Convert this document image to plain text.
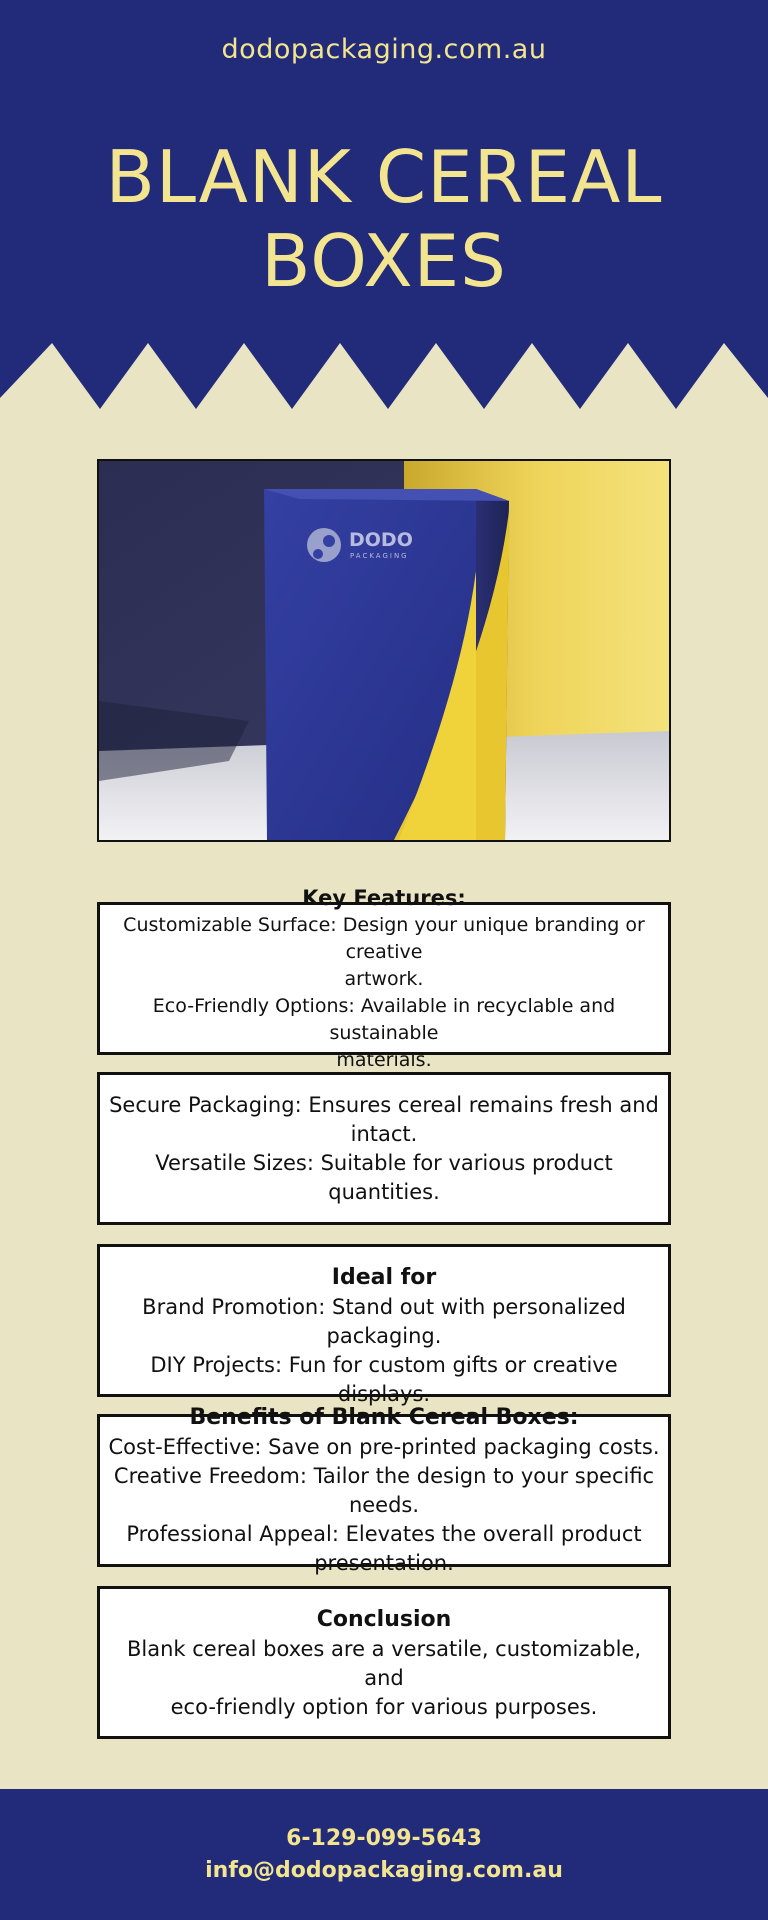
dodopackaging.com.au
BLANK CEREAL
BOXES
DODO
PACKAGING
Key Features:
Customizable Surface: Design your unique branding or creative
artwork.
Eco-Friendly Options: Available in recyclable and sustainable
materials.
Secure Packaging: Ensures cereal remains fresh and intact.
Versatile Sizes: Suitable for various product quantities.
Ideal for
Brand Promotion: Stand out with personalized packaging.
DIY Projects: Fun for custom gifts or creative displays.
Benefits of Blank Cereal Boxes:
Cost-Effective: Save on pre-printed packaging costs.
Creative Freedom: Tailor the design to your specific needs.
Professional Appeal: Elevates the overall product
presentation.
Conclusion
Blank cereal boxes are a versatile, customizable, and
eco-friendly option for various purposes.
6-129-099-5643
info@dodopackaging.com.au
